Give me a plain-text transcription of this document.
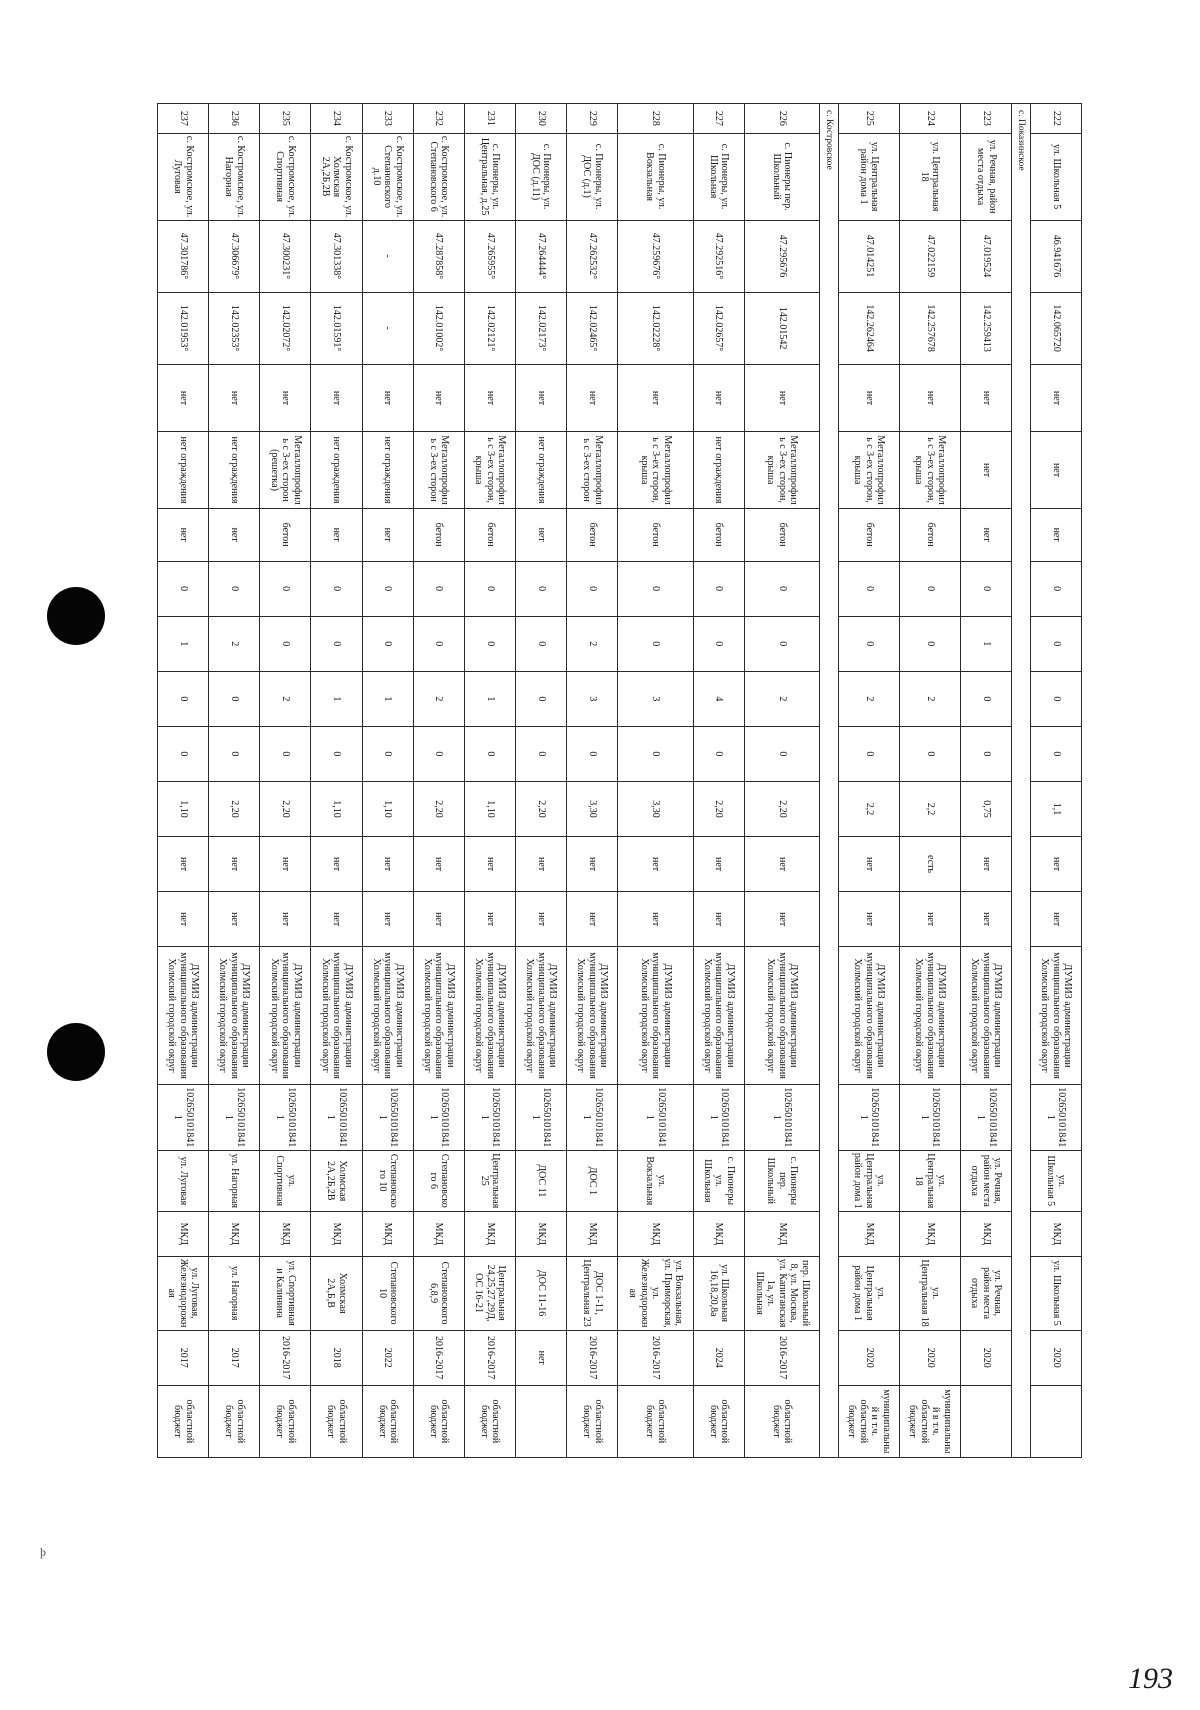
þ
193
222	ул. Школьная 5	46.941676	142.065720	нет	нет	нет	0	0	0	0	1,1	нет	нет	ДУМИЗ администрации муниципального образования Холмский городской округ	1026501018411	ул. Школьная 5	МКД	ул. Школьная 5	2020	
с. Показинское																				
223	ул. Речная, район места отдыха	47.019524	142.259413	нет	нет	нет	0	1	0	0	0,75	нет	нет	ДУМИЗ администрации муниципального образования Холмский городской округ	1026501018411	ул. Речная, район места отдыха	МКД	ул. Речная, район места отдыха	2020	
224	ул. Центральная 18	47.022159	142.257678	нет	Металлопрофиль с 3-ех сторон, крыша	бетон	0	0	2	0	2,2	есть	нет	ДУМИЗ администрации муниципального образования Холмский городской округ	1026501018411	ул. Центральная 18	МКД	ул. Центральная 18	2020	муниципальный в т.ч. областной бюджет
225	ул. Центральная район дома 1	47.014251	142.262464	нет	Металлопрофиль с 3-ех сторон, крыша	бетон	0	0	2	0	2,2	нет	нет	ДУМИЗ администрации муниципального образования Холмский городской округ	1026501018411	ул. Центральная район дома 1	МКД	ул. Центральная район дома 1	2020	муниципальный и т.ч. областной бюджет
с. Костровское																				
226	с. Пионеры пер. Школьный	47.295676	142.01542	нет	Металлопрофиль с 3-ех сторон, крыша	бетон	0	0	2	0	2,20	нет	нет	ДУМИЗ администрации муниципального образования Холмский городской округ	1026501018411	с. Пионеры пер. Школьный	МКД	пер. Школьный 8, ул. Москва, ул. Капитанская 1а, ул. Школьная	2016-2017	областной бюджет
227	с. Пионеры, ул. Школьная	47.292516°	142.02657°	нет	нет ограждения	бетон	0	0	4	0	2,20	нет	нет	ДУМИЗ администрации муниципального образования Холмский городской округ	1026501018411	с. Пионеры ул. Школьная	МКД	ул. Школьная 16,18,20,8а	2024	областной бюджет
228	с. Пионеры, ул. Вокзальная	47.259676°	142.02228°	нет	Металлопрофиль с 3-ех сторон, крыша	бетон	0	0	3	0	3,30	нет	нет	ДУМИЗ администрации муниципального образования Холмский городской округ	1026501018411	ул. Вокзальная	МКД	ул. Вокзальная, ул. Приморская, ул. Железнодорожная	2016-2017	областной бюджет
229	с. Пионеры, ул. ДОС (д.1)	47.262532°	142.02465°	нет	Металлопрофиль с 3-ех сторон	бетон	0	2	3	0	3,30	нет	нет	ДУМИЗ администрации муниципального образования Холмский городской округ	1026501018411	ДОС 1	МКД	ДОС 1-11, Центральная 23	2016-2017	областной бюджет
230	с. Пионеры, ул. ДОС (д.11)	47.264444°	142.02173°	нет	нет ограждения	нет	0	0	0	0	2,20	нет	нет	ДУМИЗ администрации муниципального образования Холмский городской округ	1026501018411	ДОС 11	МКД	ДОС 11-16	нет	
231	с. Пионеры, ул. Центральная, д.25	47.265955°	142.02121°	нет	Металлопрофиль с 3-ех сторон, крыша	бетон	0	0	1	0	1,10	нет	нет	ДУМИЗ администрации муниципального образования Холмский городской округ	1026501018411	Центральная 25	МКД	Центральная 24,25,27,29Д, ОС 16-21	2016-2017	областной бюджет
232	с. Костромское, ул. Степановского 6	47.287858°	142.01002°	нет	Металлопрофиль с 3-ех сторон	бетон	0	0	2	0	2,20	нет	нет	ДУМИЗ администрации муниципального образования Холмский городской округ	1026501018411	Степановского 6	МКД	Степановского 6,8,9	2016-2017	областной бюджет
233	с. Костромское, ул. Степановского д.10	-	-	нет	нет ограждения	нет	0	0	1	0	1,10	нет	нет	ДУМИЗ администрации муниципального образования Холмский городской округ	1026501018411	Степановского 10	МКД	Степановского 10	2022	областной бюджет
234	с. Костромское, ул. Холмская 2А,2Б,2В	47.301338°	142.01591°	нет	нет ограждения	нет	0	0	1	0	1,10	нет	нет	ДУМИЗ администрации муниципального образования Холмский городской округ	1026501018411	Холмская 2А,2Б,2В	МКД	Холмская 2А,Б,В	2018	областной бюджет
235	с. Костромское, ул. Спортивная	47.300231°	142.02072°	нет	Металлопрофиль с 3-ех сторон (решетка)	бетон	0	0	2	0	2,20	нет	нет	ДУМИЗ администрации муниципального образования Холмский городской округ	1026501018411	ул. Спортивная	МКД	ул. Спортивная и Калинина	2016-2017	областной бюджет
236	с. Костромское, ул. Нагорная	47.306679°	142.02353°	нет	нет ограждения	нет	0	2	0	0	2,20	нет	нет	ДУМИЗ администрации муниципального образования Холмский городской округ	1026501018411	ул. Нагорная	МКД	ул. Нагорная	2017	областной бюджет
237	с. Костромское, ул. Луговая	47.301786°	142.01953°	нет	нет ограждения	нет	0	1	0	0	1,10	нет	нет	ДУМИЗ администрации муниципального образования Холмский городской округ	1026501018411	ул. Луговая	МКД	ул. Луговая, Железнодорожная	2017	областной бюджет
